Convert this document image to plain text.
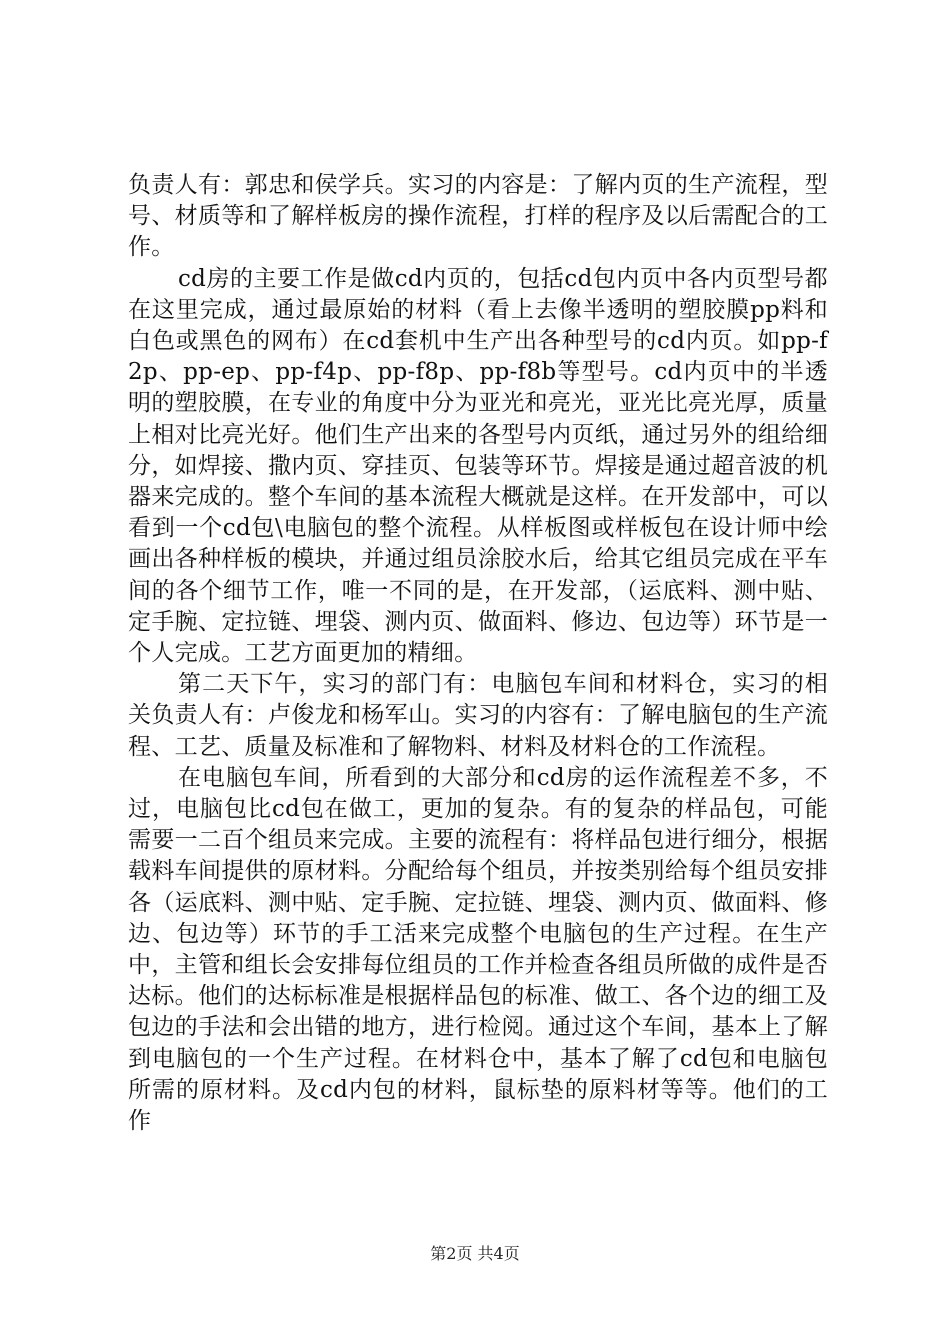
负责人有：郭忠和侯学兵。实习的内容是：了解内页的生产流程，型号、材质等和了解样板房的操作流程，打样的程序及以后需配合的工作。

cd房的主要工作是做cd内页的，包括cd包内页中各内页型号都在这里完成，通过最原始的材料（看上去像半透明的塑胶膜pp料和白色或黑色的网布）在cd套机中生产出各种型号的cd内页。如pp-f2p、pp-ep、pp-f4p、pp-f8p、pp-f8b等型号。cd内页中的半透明的塑胶膜，在专业的角度中分为亚光和亮光，亚光比亮光厚，质量上相对比亮光好。他们生产出来的各型号内页纸，通过另外的组给细分，如焊接、撒内页、穿挂页、包装等环节。焊接是通过超音波的机器来完成的。整个车间的基本流程大概就是这样。在开发部中，可以看到一个cd包\电脑包的整个流程。从样板图或样板包在设计师中绘画出各种样板的模块，并通过组员涂胶水后，给其它组员完成在平车间的各个细节工作，唯一不同的是，在开发部，（运底料、测中贴、定手腕、定拉链、埋袋、测内页、做面料、修边、包边等）环节是一个人完成。工艺方面更加的精细。

第二天下午，实习的部门有：电脑包车间和材料仓，实习的相关负责人有：卢俊龙和杨军山。实习的内容有：了解电脑包的生产流程、工艺、质量及标准和了解物料、材料及材料仓的工作流程。

在电脑包车间，所看到的大部分和cd房的运作流程差不多，不过，电脑包比cd包在做工，更加的复杂。有的复杂的样品包，可能需要一二百个组员来完成。主要的流程有：将样品包进行细分，根据载料车间提供的原材料。分配给每个组员，并按类别给每个组员安排各（运底料、测中贴、定手腕、定拉链、埋袋、测内页、做面料、修边、包边等）环节的手工活来完成整个电脑包的生产过程。在生产中，主管和组长会安排每位组员的工作并检查各组员所做的成件是否达标。他们的达标标准是根据样品包的标准、做工、各个边的细工及包边的手法和会出错的地方，进行检阅。通过这个车间，基本上了解到电脑包的一个生产过程。在材料仓中，基本了解了cd包和电脑包所需的原材料。及cd内包的材料，鼠标垫的原料材等等。他们的工作

第2页 共4页
